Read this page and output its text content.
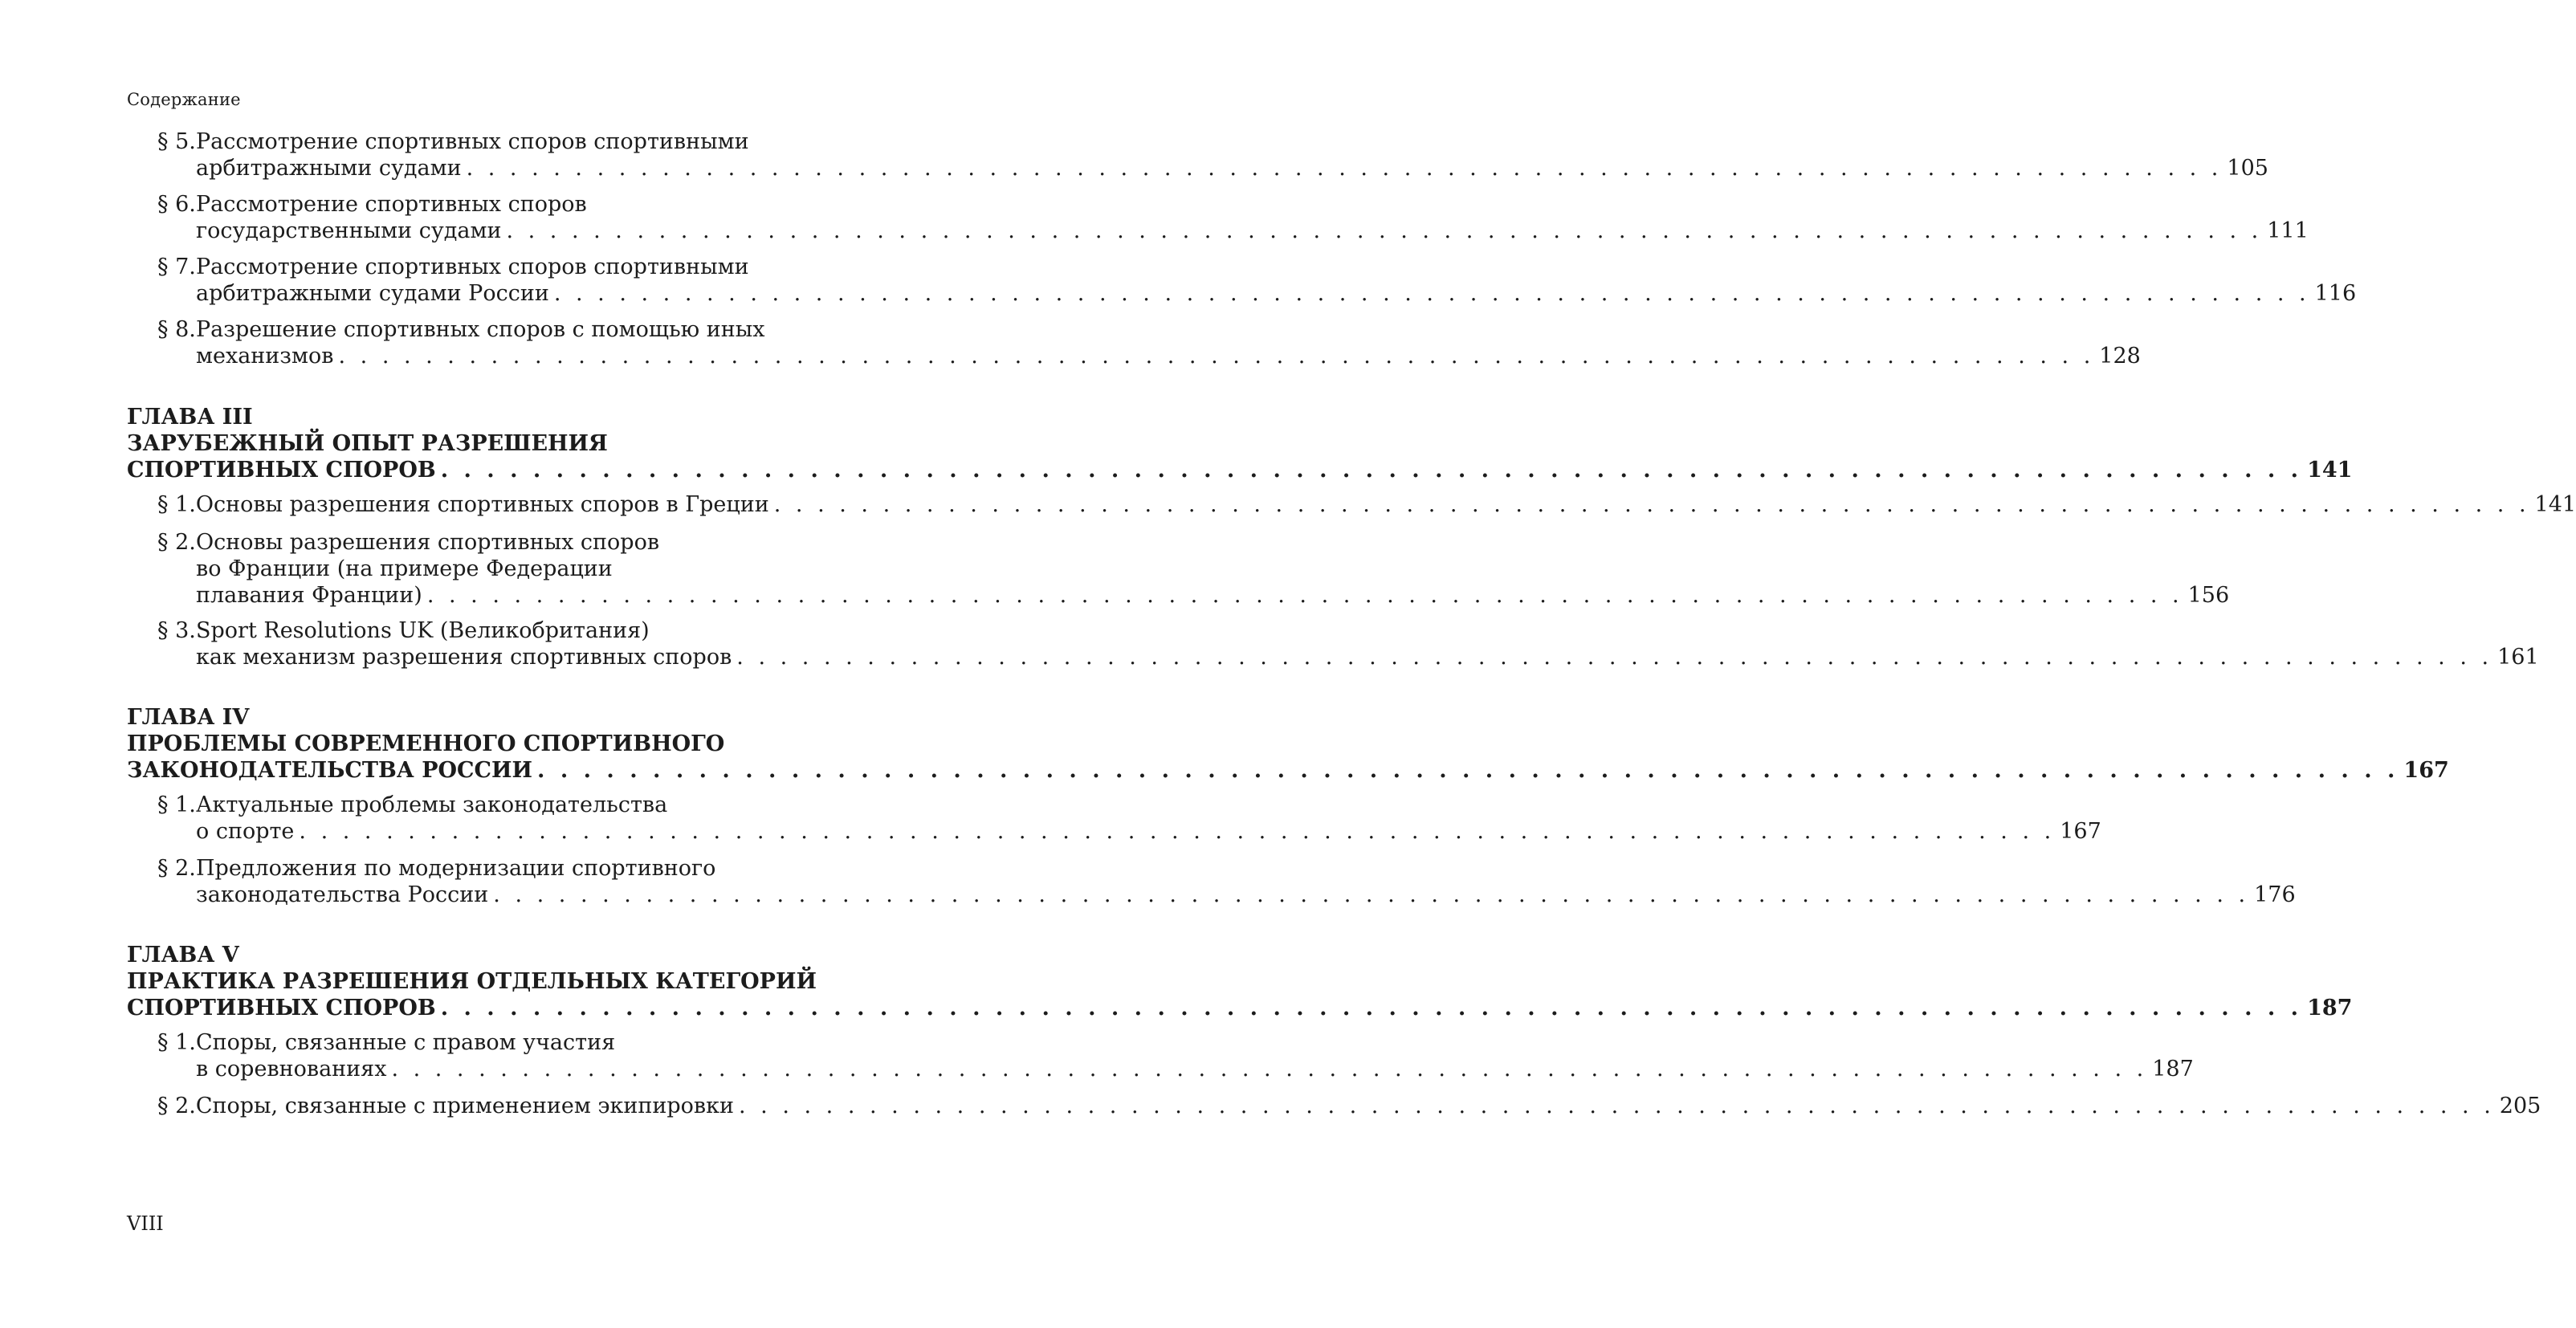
Содержание
§ 5. Рассмотрение спортивных споров спортивными
арбитражными судами . . . . . . . . . . . . . . . . . . . . . . . . . . . . . . . . . . . . . . . . . . . . . . . . . . . . . . . . . . . . . . . . . . . . . . . . . . . . . . . . . 105
§ 6. Рассмотрение спортивных споров
государственными судами . . . . . . . . . . . . . . . . . . . . . . . . . . . . . . . . . . . . . . . . . . . . . . . . . . . . . . . . . . . . . . . . . . . . . . . . . . . . . . . . . 111
§ 7. Рассмотрение спортивных споров спортивными
арбитражными судами России . . . . . . . . . . . . . . . . . . . . . . . . . . . . . . . . . . . . . . . . . . . . . . . . . . . . . . . . . . . . . . . . . . . . . . . . . . . . . . . . . 116
§ 8. Разрешение спортивных споров с помощью иных
механизмов . . . . . . . . . . . . . . . . . . . . . . . . . . . . . . . . . . . . . . . . . . . . . . . . . . . . . . . . . . . . . . . . . . . . . . . . . . . . . . . . . 128
ГЛАВА III
ЗАРУБЕЖНЫЙ ОПЫТ РАЗРЕШЕНИЯ
СПОРТИВНЫХ СПОРОВ . . . . . . . . . . . . . . . . . . . . . . . . . . . . . . . . . . . . . . . . . . . . . . . . . . . . . . . . . . . . . . . . . . . . . . . . . . . . . . . . . 141
§ 1. Основы разрешения спортивных споров в Греции . . . . . . . . . . . . . . . . . . . . . . . . . . . . . . . . . . . . . . . . . . . . . . . . . . . . . . . . . . . . . . . . . . . . . . . . . . . . . . . . . 141
§ 2. Основы разрешения спортивных споров
во Франции (на примере Федерации
плавания Франции) . . . . . . . . . . . . . . . . . . . . . . . . . . . . . . . . . . . . . . . . . . . . . . . . . . . . . . . . . . . . . . . . . . . . . . . . . . . . . . . . . 156
§ 3. Sport Resolutions UK (Великобритания)
как механизм разрешения спортивных споров . . . . . . . . . . . . . . . . . . . . . . . . . . . . . . . . . . . . . . . . . . . . . . . . . . . . . . . . . . . . . . . . . . . . . . . . . . . . . . . . . 161
ГЛАВА IV
ПРОБЛЕМЫ СОВРЕМЕННОГО СПОРТИВНОГО
ЗАКОНОДАТЕЛЬСТВА РОССИИ . . . . . . . . . . . . . . . . . . . . . . . . . . . . . . . . . . . . . . . . . . . . . . . . . . . . . . . . . . . . . . . . . . . . . . . . . . . . . . . . . 167
§ 1. Актуальные проблемы законодательства
о спорте . . . . . . . . . . . . . . . . . . . . . . . . . . . . . . . . . . . . . . . . . . . . . . . . . . . . . . . . . . . . . . . . . . . . . . . . . . . . . . . . . 167
§ 2. Предложения по модернизации спортивного
законодательства России . . . . . . . . . . . . . . . . . . . . . . . . . . . . . . . . . . . . . . . . . . . . . . . . . . . . . . . . . . . . . . . . . . . . . . . . . . . . . . . . . 176
ГЛАВА V
ПРАКТИКА РАЗРЕШЕНИЯ ОТДЕЛЬНЫХ КАТЕГОРИЙ
СПОРТИВНЫХ СПОРОВ . . . . . . . . . . . . . . . . . . . . . . . . . . . . . . . . . . . . . . . . . . . . . . . . . . . . . . . . . . . . . . . . . . . . . . . . . . . . . . . . . 187
§ 1. Споры, связанные с правом участия
в соревнованиях . . . . . . . . . . . . . . . . . . . . . . . . . . . . . . . . . . . . . . . . . . . . . . . . . . . . . . . . . . . . . . . . . . . . . . . . . . . . . . . . . 187
§ 2. Споры, связанные с применением экипировки . . . . . . . . . . . . . . . . . . . . . . . . . . . . . . . . . . . . . . . . . . . . . . . . . . . . . . . . . . . . . . . . . . . . . . . . . . . . . . . . . 205
VIII
